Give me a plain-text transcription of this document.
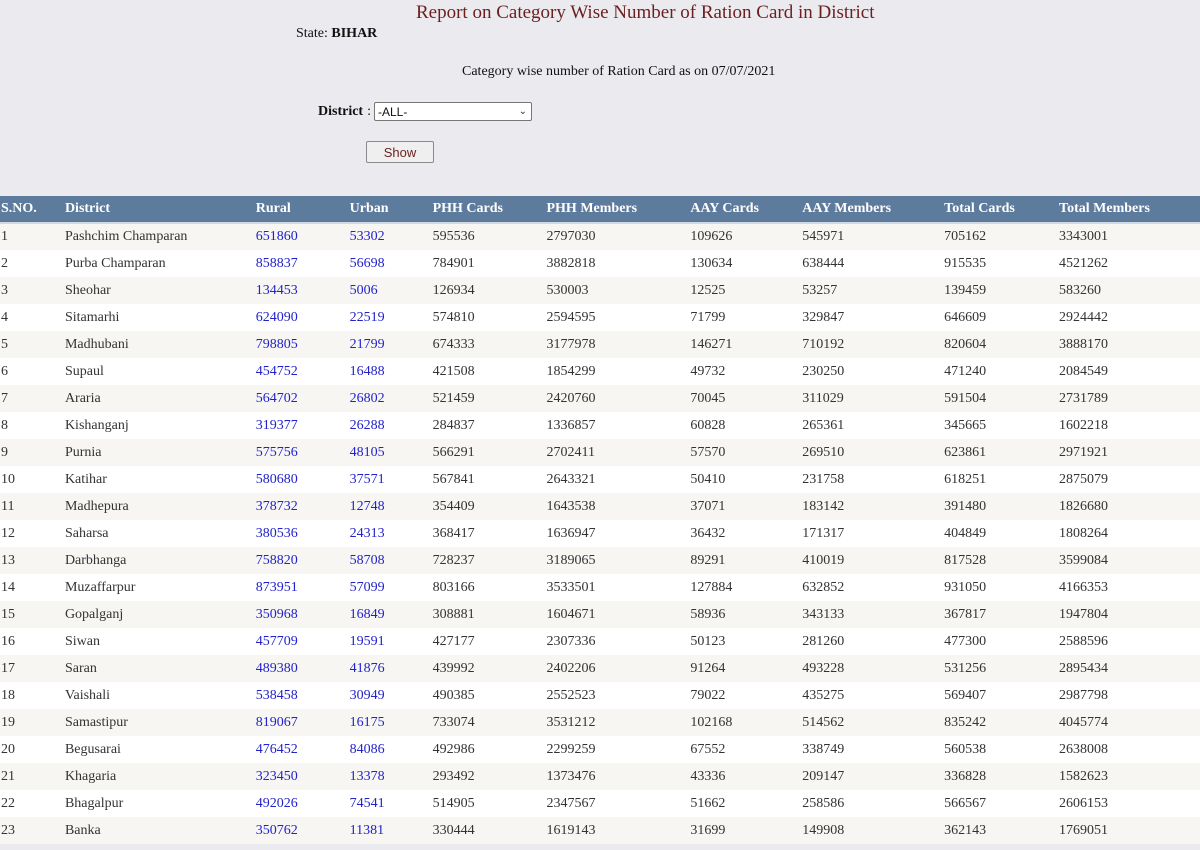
Report on Category Wise Number of Ration Card in District
State: BIHAR
Category wise number of Ration Card as on 07/07/2021
District : -ALL-	⌄
Show
S.NO.	District	Rural	Urban	PHH Cards	PHH Members	AAY Cards	AAY Members	Total Cards	Total Members
1	Pashchim Champaran	651860	53302	595536	2797030	109626	545971	705162	3343001
2	Purba Champaran	858837	56698	784901	3882818	130634	638444	915535	4521262
3	Sheohar	134453	5006	126934	530003	12525	53257	139459	583260
4	Sitamarhi	624090	22519	574810	2594595	71799	329847	646609	2924442
5	Madhubani	798805	21799	674333	3177978	146271	710192	820604	3888170
6	Supaul	454752	16488	421508	1854299	49732	230250	471240	2084549
7	Araria	564702	26802	521459	2420760	70045	311029	591504	2731789
8	Kishanganj	319377	26288	284837	1336857	60828	265361	345665	1602218
9	Purnia	575756	48105	566291	2702411	57570	269510	623861	2971921
10	Katihar	580680	37571	567841	2643321	50410	231758	618251	2875079
11	Madhepura	378732	12748	354409	1643538	37071	183142	391480	1826680
12	Saharsa	380536	24313	368417	1636947	36432	171317	404849	1808264
13	Darbhanga	758820	58708	728237	3189065	89291	410019	817528	3599084
14	Muzaffarpur	873951	57099	803166	3533501	127884	632852	931050	4166353
15	Gopalganj	350968	16849	308881	1604671	58936	343133	367817	1947804
16	Siwan	457709	19591	427177	2307336	50123	281260	477300	2588596
17	Saran	489380	41876	439992	2402206	91264	493228	531256	2895434
18	Vaishali	538458	30949	490385	2552523	79022	435275	569407	2987798
19	Samastipur	819067	16175	733074	3531212	102168	514562	835242	4045774
20	Begusarai	476452	84086	492986	2299259	67552	338749	560538	2638008
21	Khagaria	323450	13378	293492	1373476	43336	209147	336828	1582623
22	Bhagalpur	492026	74541	514905	2347567	51662	258586	566567	2606153
23	Banka	350762	11381	330444	1619143	31699	149908	362143	1769051
